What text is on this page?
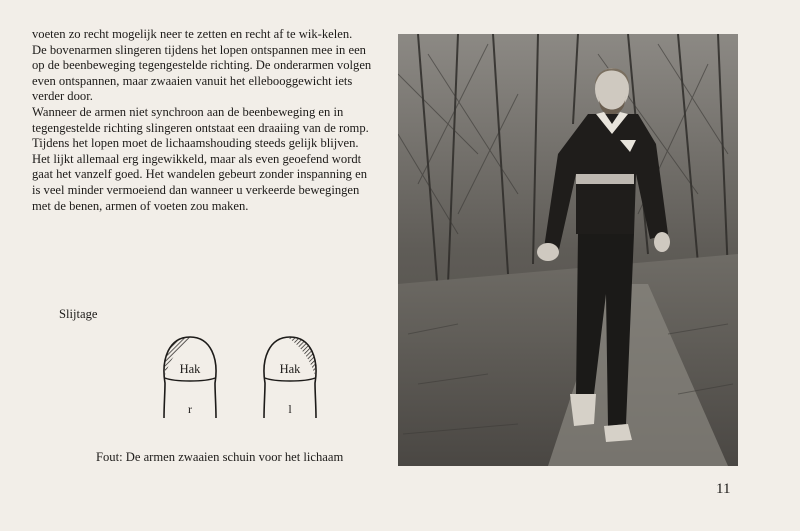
voeten zo recht mogelijk neer te zetten en recht af te wik-kelen.

De bovenarmen slingeren tijdens het lopen ontspannen mee in een op de beenbeweging tegengestelde richting. De onderarmen volgen even ontspannen, maar zwaaien vanuit het ellebooggewicht iets verder door.

Wanneer de armen niet synchroon aan de beenbeweging en in tegengestelde richting slingeren ontstaat een draaiing van de romp. Tijdens het lopen moet de lichaamshouding steeds gelijk blijven.

Het lijkt allemaal erg ingewikkeld, maar als even geoefend wordt gaat het vanzelf goed. Het wandelen gebeurt zonder inspanning en is veel minder vermoeiend dan wanneer u verkeerde bewegingen met de benen, armen of voeten zou maken.

Slijtage
Hak
r
Hak
l
Fout: De armen zwaaien schuin voor het lichaam
11
